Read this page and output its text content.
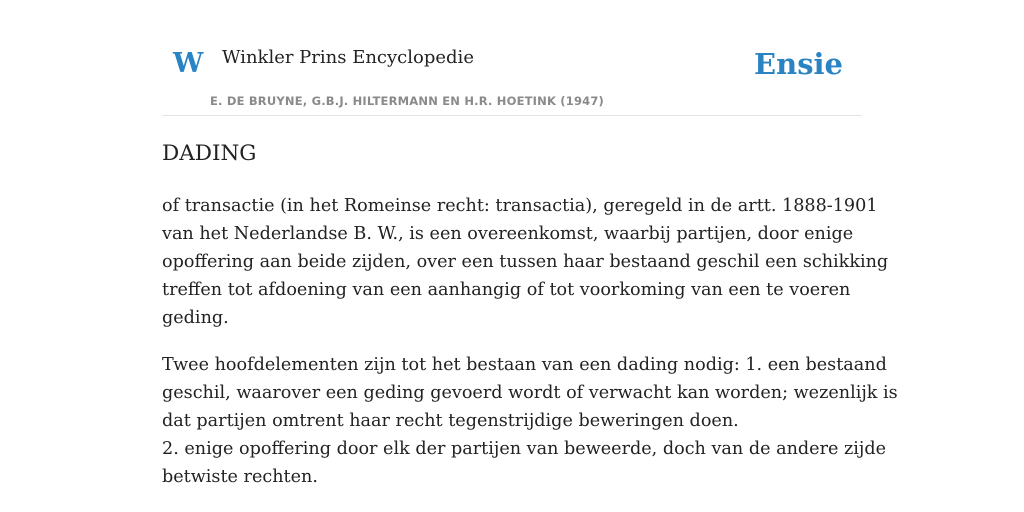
W Winkler Prins Encyclopedie	Ensie
E. DE BRUYNE, G.B.J. HILTERMANN EN H.R. HOETINK (1947)
DADING

of transactie (in het Romeinse recht: transactia), geregeld in de artt. 1888-1901
van het Nederlandse B. W., is een overeenkomst, waarbij partijen, door enige
opoffering aan beide zijden, over een tussen haar bestaand geschil een schikking
treffen tot afdoening van een aanhangig of tot voorkoming van een te voeren
geding.

Twee hoofdelementen zijn tot het bestaan van een dading nodig: 1. een bestaand
geschil, waarover een geding gevoerd wordt of verwacht kan worden; wezenlijk is
dat partijen omtrent haar recht tegenstrijdige beweringen doen.
2. enige opoffering door elk der partijen van beweerde, doch van de andere zijde
betwiste rechten.
